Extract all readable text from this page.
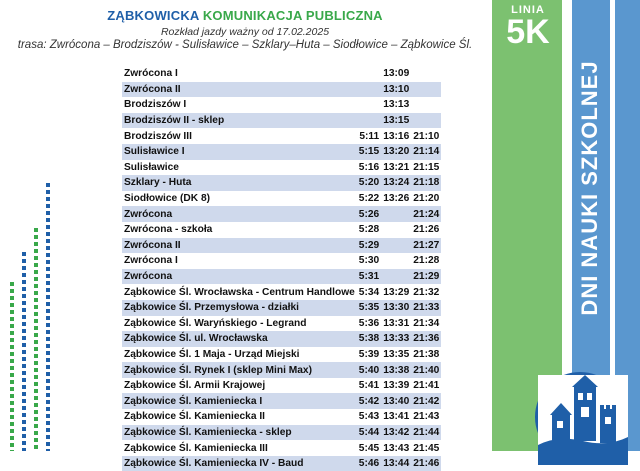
ZĄBKOWICKA KOMUNIKACJA PUBLICZNA
Rozkład jazdy ważny od 17.02.2025
trasa: Zwrócona – Brodziszów - Sulisławice – Szklary–Huta – Siodłowice – Ząbkowice Śl.
Zwrócona I		13:09	
Zwrócona II		13:10	
Brodziszów I		13:13	
Brodziszów II - sklep		13:15	
Brodziszów III	5:11	13:16	21:10
Sulisławice I	5:15	13:20	21:14
Sulisławice	5:16	13:21	21:15
Szklary - Huta	5:20	13:24	21:18
Siodłowice (DK 8)	5:22	13:26	21:20
Zwrócona	5:26		21:24
Zwrócona - szkoła	5:28		21:26
Zwrócona II	5:29		21:27
Zwrócona I	5:30		21:28
Zwrócona	5:31		21:29
Ząbkowice Śl. Wrocławska - Centrum Handlowe	5:34	13:29	21:32
Ząbkowice Śl. Przemysłowa - działki	5:35	13:30	21:33
Ząbkowice Śl. Waryńskiego - Legrand	5:36	13:31	21:34
Ząbkowice Śl. ul. Wrocławska	5:38	13:33	21:36
Ząbkowice Śl. 1 Maja - Urząd Miejski	5:39	13:35	21:38
Ząbkowice Śl. Rynek I (sklep Mini Max)	5:40	13:38	21:40
Ząbkowice Śl. Armii Krajowej	5:41	13:39	21:41
Ząbkowice Śl. Kamieniecka I	5:42	13:40	21:42
Ząbkowice Śl. Kamieniecka II	5:43	13:41	21:43
Ząbkowice Śl. Kamieniecka - sklep	5:44	13:42	21:44
Ząbkowice Śl. Kamieniecka III	5:45	13:43	21:45
Ząbkowice Śl. Kamieniecka IV - Baud	5:46	13:44	21:46
LINIA
5K
DNI NAUKI SZKOLNEJ
